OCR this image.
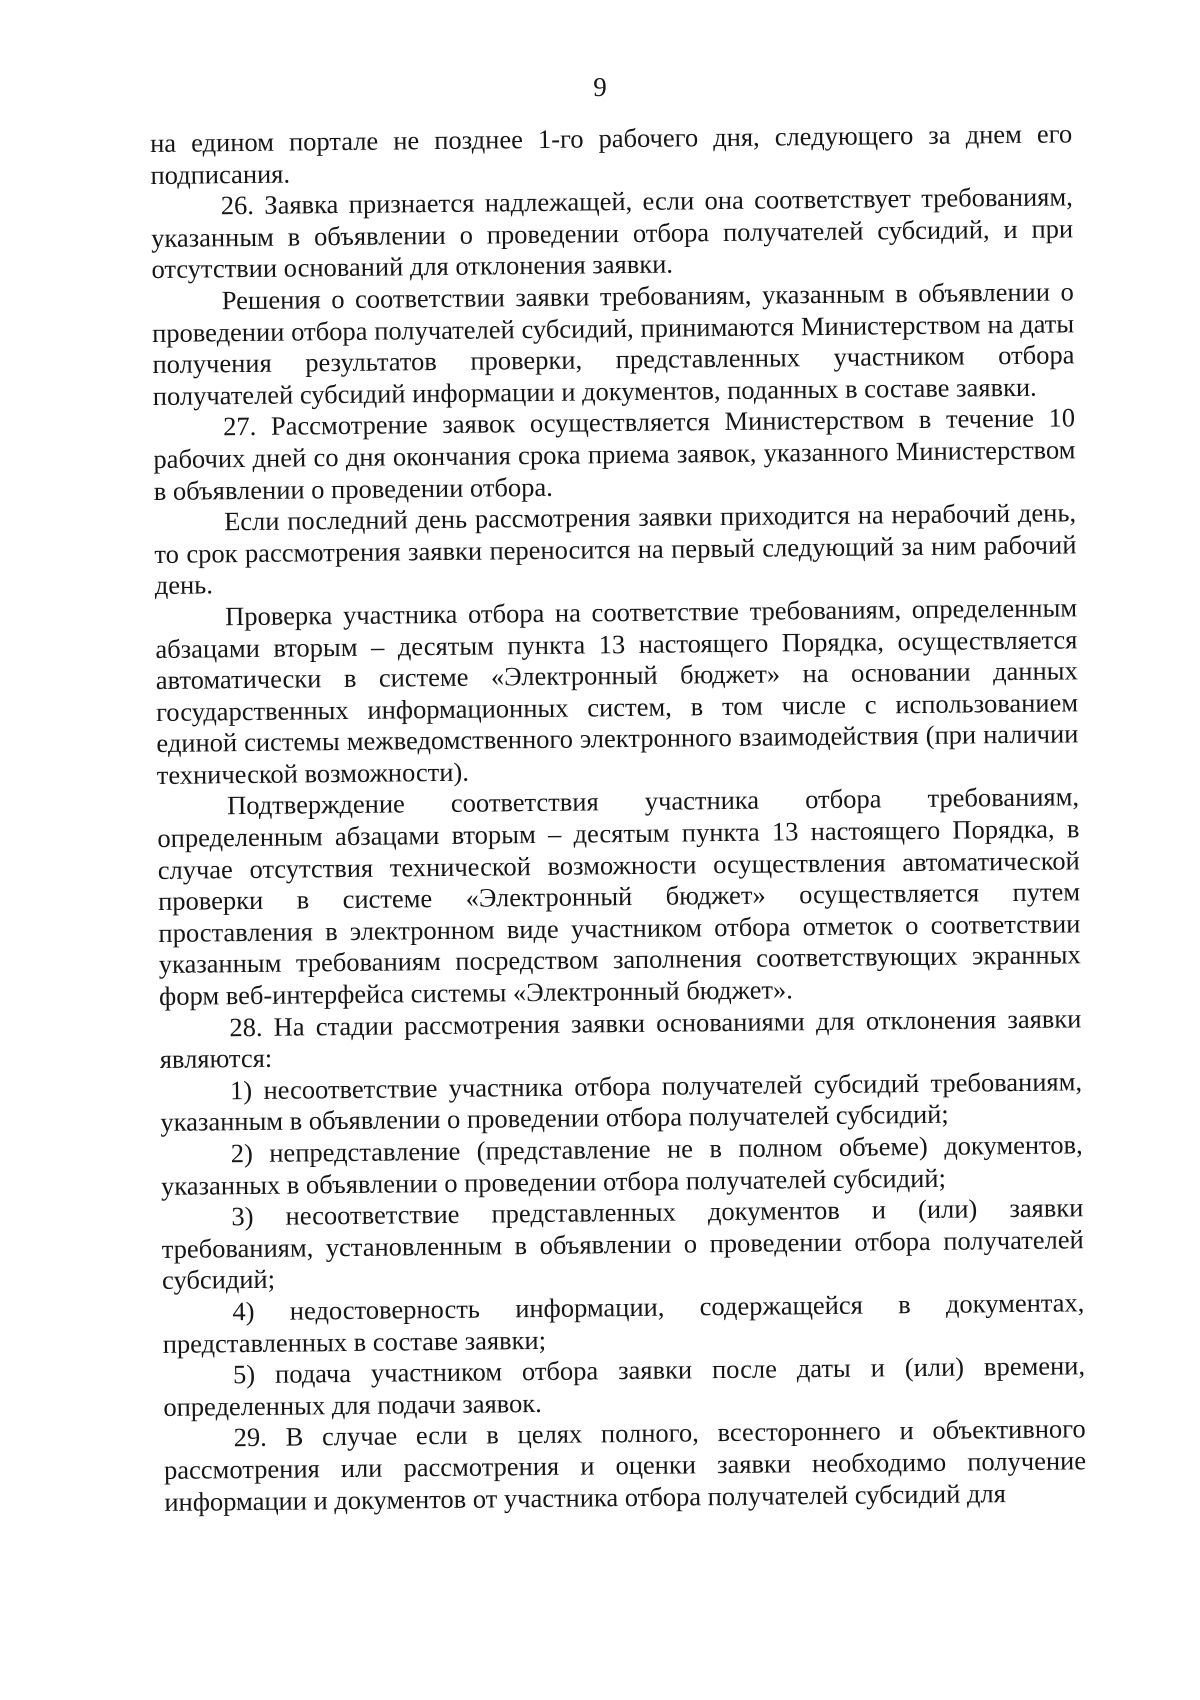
9

на едином портале не позднее 1-го рабочего дня, следующего за днем его подписания.

26. Заявка признается надлежащей, если она соответствует требованиям, указанным в объявлении о проведении отбора получателей субсидий, и при отсутствии оснований для отклонения заявки.

Решения о соответствии заявки требованиям, указанным в объявлении о проведении отбора получателей субсидий, принимаются Министерством на даты получения результатов проверки, представленных участником отбора получателей субсидий информации и документов, поданных в составе заявки.

27. Рассмотрение заявок осуществляется Министерством в течение 10 рабочих дней со дня окончания срока приема заявок, указанного Министерством в объявлении о проведении отбора.

Если последний день рассмотрения заявки приходится на нерабочий день, то срок рассмотрения заявки переносится на первый следующий за ним рабочий день.

Проверка участника отбора на соответствие требованиям, определенным абзацами вторым – десятым пункта 13 настоящего Порядка, осуществляется автоматически в системе «Электронный бюджет» на основании данных государственных информационных систем, в том числе с использованием единой системы межведомственного электронного взаимодействия (при наличии технической возможности).

Подтверждение соответствия участника отбора требованиям, определенным абзацами вторым – десятым пункта 13 настоящего Порядка, в случае отсутствия технической возможности осуществления автоматической проверки в системе «Электронный бюджет» осуществляется путем проставления в электронном виде участником отбора отметок о соответствии указанным требованиям посредством заполнения соответствующих экранных форм веб-интерфейса системы «Электронный бюджет».

28. На стадии рассмотрения заявки основаниями для отклонения заявки являются:

1) несоответствие участника отбора получателей субсидий требованиям, указанным в объявлении о проведении отбора получателей субсидий;

2) непредставление (представление не в полном объеме) документов, указанных в объявлении о проведении отбора получателей субсидий;

3) несоответствие представленных документов и (или) заявки требованиям, установленным в объявлении о проведении отбора получателей субсидий;

4) недостоверность информации, содержащейся в документах, представленных в составе заявки;

5) подача участником отбора заявки после даты и (или) времени, определенных для подачи заявок.

29. В случае если в целях полного, всестороннего и объективного рассмотрения или рассмотрения и оценки заявки необходимо получение информации и документов от участника отбора получателей субсидий для
